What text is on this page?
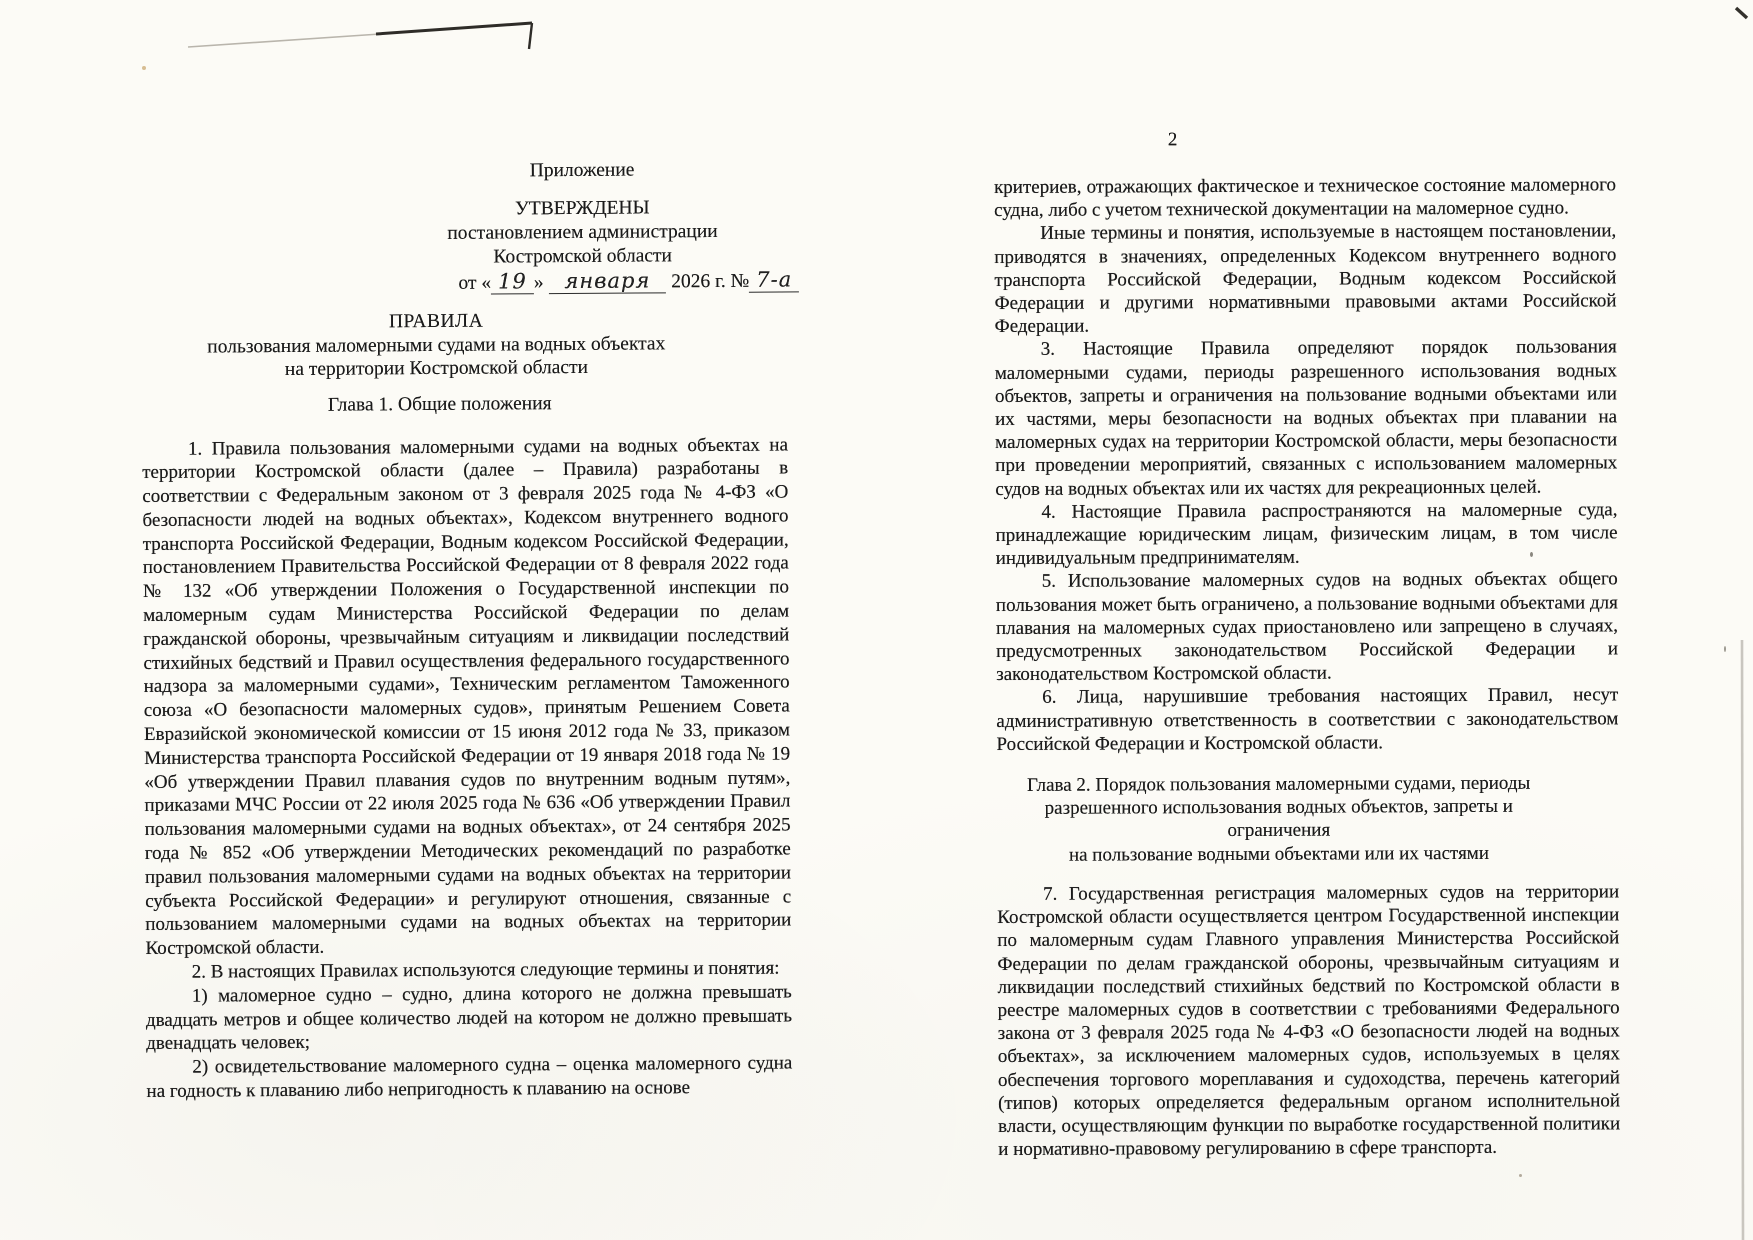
Приложение
УТВЕРЖДЕНЫ
постановлением администрации
Костромской области
от « 19 » января 2026 г. № 7-а
ПРАВИЛА
пользования маломерными судами на водных объектах
на территории Костромской области
Глава 1. Общие положения

1. Правила пользования маломерными судами на водных объектах на территории Костромской области (далее – Правила) разработаны в соответствии с Федеральным законом от 3 февраля 2025 года № 4-ФЗ «О безопасности людей на водных объектах», Кодексом внутреннего водного транспорта Российской Федерации, Водным кодексом Российской Федерации, постановлением Правительства Российской Федерации от 8 февраля 2022 года № 132 «Об утверждении Положения о Государственной инспекции по маломерным судам Министерства Российской Федерации по делам гражданской обороны, чрезвычайным ситуациям и ликвидации последствий стихийных бедствий и Правил осуществления федерального государственного надзора за маломерными судами», Техническим регламентом Таможенного союза «О безопасности маломерных судов», принятым Решением Совета Евразийской экономической комиссии от 15 июня 2012 года № 33, приказом Министерства транспорта Российской Федерации от 19 января 2018 года № 19 «Об утверждении Правил плавания судов по внутренним водным путям», приказами МЧС России от 22 июля 2025 года № 636 «Об утверждении Правил пользования маломерными судами на водных объектах», от 24 сентября 2025 года № 852 «Об утверждении Методических рекомендаций по разработке правил пользования маломерными судами на водных объектах на территории субъекта Российской Федерации» и регулируют отношения, связанные с пользованием маломерными судами на водных объектах на территории Костромской области.

2. В настоящих Правилах используются следующие термины и понятия:

1) маломерное судно – судно, длина которого не должна превышать двадцать метров и общее количество людей на котором не должно превышать двенадцать человек;

2) освидетельствование маломерного судна – оценка маломерного судна на годность к плаванию либо непригодность к плаванию на основе

2

критериев, отражающих фактическое и техническое состояние маломерного судна, либо с учетом технической документации на маломерное судно.

Иные термины и понятия, используемые в настоящем постановлении, приводятся в значениях, определенных Кодексом внутреннего водного транспорта Российской Федерации, Водным кодексом Российской Федерации и другими нормативными правовыми актами Российской Федерации.

3. Настоящие Правила определяют порядок пользования маломерными судами, периоды разрешенного использования водных объектов, запреты и ограничения на пользование водными объектами или их частями, меры безопасности на водных объектах при плавании на маломерных судах на территории Костромской области, меры безопасности при проведении мероприятий, связанных с использованием маломерных судов на водных объектах или их частях для рекреационных целей.

4. Настоящие Правила распространяются на маломерные суда, принадлежащие юридическим лицам, физическим лицам, в том числе индивидуальным предпринимателям.

5. Использование маломерных судов на водных объектах общего пользования может быть ограничено, а пользование водными объектами для плавания на маломерных судах приостановлено или запрещено в случаях, предусмотренных законодательством Российской Федерации и законодательством Костромской области.

6. Лица, нарушившие требования настоящих Правил, несут административную ответственность в соответствии с законодательством Российской Федерации и Костромской области.

Глава 2. Порядок пользования маломерными судами, периоды
разрешенного использования водных объектов, запреты и ограничения
на пользование водными объектами или их частями

7. Государственная регистрация маломерных судов на территории Костромской области осуществляется центром Государственной инспекции по маломерным судам Главного управления Министерства Российской Федерации по делам гражданской обороны, чрезвычайным ситуациям и ликвидации последствий стихийных бедствий по Костромской области в реестре маломерных судов в соответствии с требованиями Федерального закона от 3 февраля 2025 года № 4-ФЗ «О безопасности людей на водных объектах», за исключением маломерных судов, используемых в целях обеспечения торгового мореплавания и судоходства, перечень категорий (типов) которых определяется федеральным органом исполнительной власти, осуществляющим функции по выработке государственной политики и нормативно-правовому регулированию в сфере транспорта.
